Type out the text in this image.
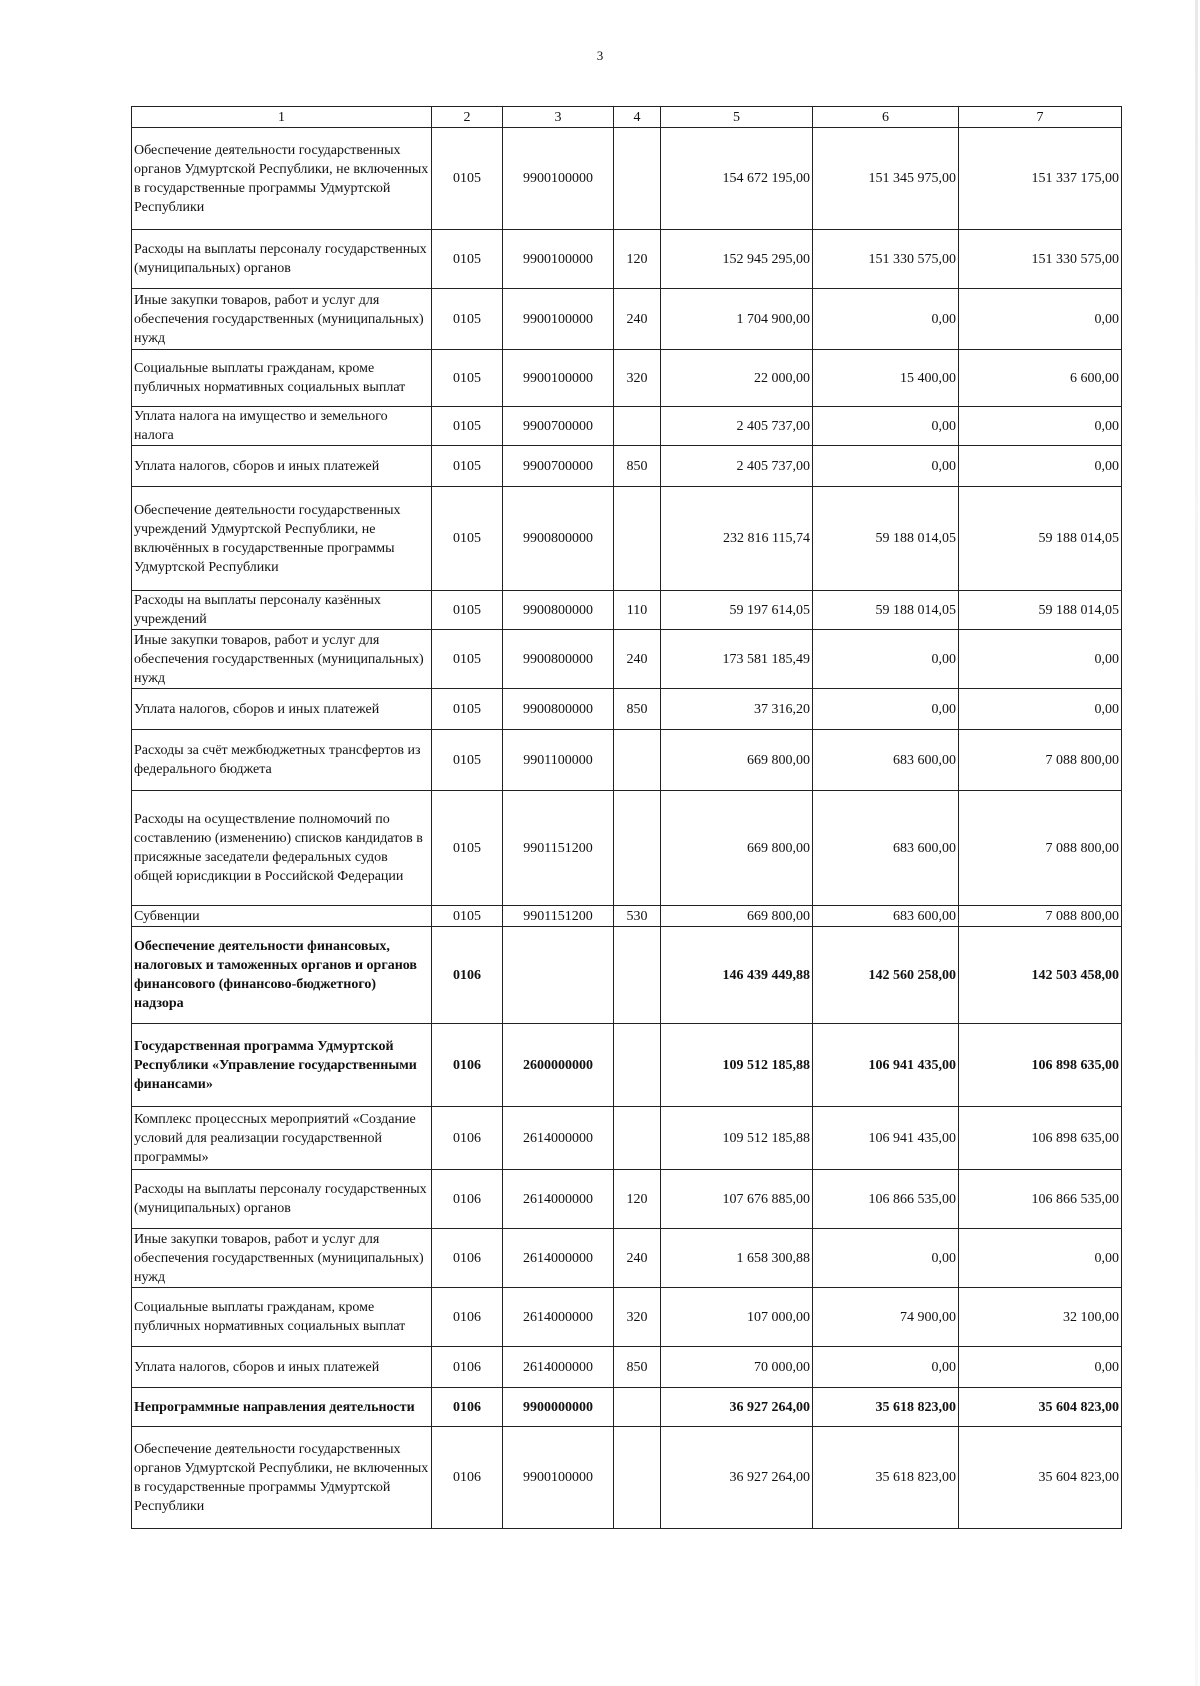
3
1	2	3	4	5	6	7
Обеспечение деятельности государственных органов Удмуртской Республики, не включенных в государственные программы Удмуртской Республики	0105	9900100000		154 672 195,00	151 345 975,00	151 337 175,00
Расходы на выплаты персоналу государственных (муниципальных) органов	0105	9900100000	120	152 945 295,00	151 330 575,00	151 330 575,00
Иные закупки товаров, работ и услуг для обеспечения государственных (муниципальных) нужд	0105	9900100000	240	1 704 900,00	0,00	0,00
Социальные выплаты гражданам, кроме публичных нормативных социальных выплат	0105	9900100000	320	22 000,00	15 400,00	6 600,00
Уплата налога на имущество и земельного налога	0105	9900700000		2 405 737,00	0,00	0,00
Уплата налогов, сборов и иных платежей	0105	9900700000	850	2 405 737,00	0,00	0,00
Обеспечение деятельности государственных учреждений Удмуртской Республики, не включённых в государственные программы Удмуртской Республики	0105	9900800000		232 816 115,74	59 188 014,05	59 188 014,05
Расходы на выплаты персоналу казённых учреждений	0105	9900800000	110	59 197 614,05	59 188 014,05	59 188 014,05
Иные закупки товаров, работ и услуг для обеспечения государственных (муниципальных) нужд	0105	9900800000	240	173 581 185,49	0,00	0,00
Уплата налогов, сборов и иных платежей	0105	9900800000	850	37 316,20	0,00	0,00
Расходы за счёт межбюджетных трансфертов из федерального бюджета	0105	9901100000		669 800,00	683 600,00	7 088 800,00
Расходы на осуществление полномочий по составлению (изменению) списков кандидатов в присяжные заседатели федеральных судов общей юрисдикции в Российской Федерации	0105	9901151200		669 800,00	683 600,00	7 088 800,00
Субвенции	0105	9901151200	530	669 800,00	683 600,00	7 088 800,00
Обеспечение деятельности финансовых, налоговых и таможенных органов и органов финансового (финансово-бюджетного) надзора	0106			146 439 449,88	142 560 258,00	142 503 458,00
Государственная программа Удмуртской Республики «Управление государственными финансами»	0106	2600000000		109 512 185,88	106 941 435,00	106 898 635,00
Комплекс процессных мероприятий «Создание условий для реализации государственной программы»	0106	2614000000		109 512 185,88	106 941 435,00	106 898 635,00
Расходы на выплаты персоналу государственных (муниципальных) органов	0106	2614000000	120	107 676 885,00	106 866 535,00	106 866 535,00
Иные закупки товаров, работ и услуг для обеспечения государственных (муниципальных) нужд	0106	2614000000	240	1 658 300,88	0,00	0,00
Социальные выплаты гражданам, кроме публичных нормативных социальных выплат	0106	2614000000	320	107 000,00	74 900,00	32 100,00
Уплата налогов, сборов и иных платежей	0106	2614000000	850	70 000,00	0,00	0,00
Непрограммные направления деятельности	0106	9900000000		36 927 264,00	35 618 823,00	35 604 823,00
Обеспечение деятельности государственных органов Удмуртской Республики, не включенных в государственные программы Удмуртской Республики	0106	9900100000		36 927 264,00	35 618 823,00	35 604 823,00
